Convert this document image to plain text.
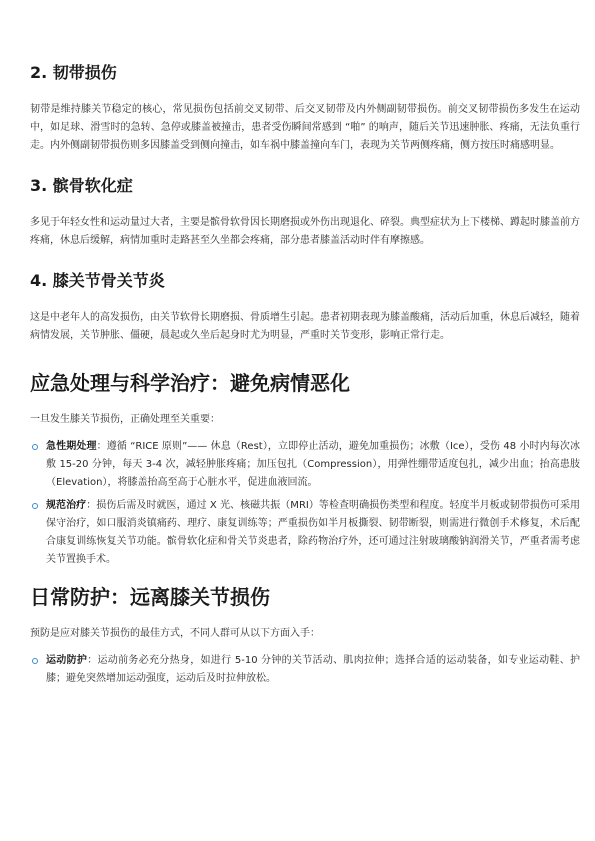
2. 韧带损伤

韧带是维持膝关节稳定的核心，常见损伤包括前交叉韧带、后交叉韧带及内外侧副韧带损伤。前交叉韧带损伤多发生在运动中，如足球、滑雪时的急转、急停或膝盖被撞击，患者受伤瞬间常感到 “啪” 的响声，随后关节迅速肿胀、疼痛，无法负重行走。内外侧副韧带损伤则多因膝盖受到侧向撞击，如车祸中膝盖撞向车门，表现为关节两侧疼痛，侧方按压时痛感明显。

3. 髌骨软化症

多见于年轻女性和运动量过大者，主要是髌骨软骨因长期磨损或外伤出现退化、碎裂。典型症状为上下楼梯、蹲起时膝盖前方疼痛，休息后缓解，病情加重时走路甚至久坐都会疼痛，部分患者膝盖活动时伴有摩擦感。

4. 膝关节骨关节炎

这是中老年人的高发损伤，由关节软骨长期磨损、骨质增生引起。患者初期表现为膝盖酸痛，活动后加重，休息后减轻，随着病情发展，关节肿胀、僵硬，晨起或久坐后起身时尤为明显，严重时关节变形，影响正常行走。

应急处理与科学治疗：避免病情恶化

一旦发生膝关节损伤，正确处理至关重要：

急性期处理：遵循 “RICE 原则”—— 休息（Rest），立即停止活动，避免加重损伤；冰敷（Ice），受伤 48 小时内每次冰敷 15-20 分钟，每天 3-4 次，减轻肿胀疼痛；加压包扎（Compression），用弹性绷带适度包扎，减少出血；抬高患肢（Elevation），将膝盖抬高至高于心脏水平，促进血液回流。
规范治疗：损伤后需及时就医，通过 X 光、核磁共振（MRI）等检查明确损伤类型和程度。轻度半月板或韧带损伤可采用保守治疗，如口服消炎镇痛药、理疗、康复训练等；严重损伤如半月板撕裂、韧带断裂，则需进行微创手术修复，术后配合康复训练恢复关节功能。髌骨软化症和骨关节炎患者，除药物治疗外，还可通过注射玻璃酸钠润滑关节，严重者需考虑关节置换手术。
日常防护：远离膝关节损伤

预防是应对膝关节损伤的最佳方式，不同人群可从以下方面入手：

运动防护：运动前务必充分热身，如进行 5-10 分钟的关节活动、肌肉拉伸；选择合适的运动装备，如专业运动鞋、护膝；避免突然增加运动强度，运动后及时拉伸放松。
